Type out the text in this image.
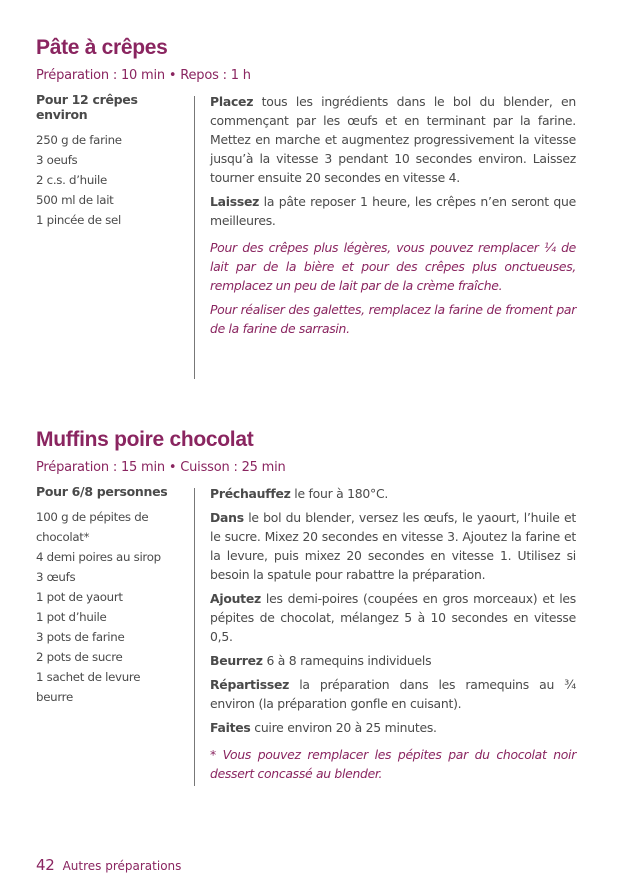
Pâte à crêpes

Préparation : 10 min • Repos : 1 h

Pour 12 crêpes environ

250 g de farine
3 oeufs
2 c.s. d’huile
500 ml de lait
1 pincée de sel

Placez tous les ingrédients dans le bol du blender, en commençant par les œufs et en terminant par la farine. Mettez en marche et augmentez progressivement la vitesse jusqu’à la vitesse 3 pendant 10 secondes environ. Laissez tourner ensuite 20 secondes en vitesse 4.

Laissez la pâte reposer 1 heure, les crêpes n’en seront que meilleures.

Pour des crêpes plus légères, vous pouvez remplacer ¼ de lait par de la bière et pour des crêpes plus onctueuses, remplacez un peu de lait par de la crème fraîche.

Pour réaliser des galettes, remplacez la farine de froment par de la farine de sarrasin.

Muffins poire chocolat

Préparation : 15 min • Cuisson : 25 min

Pour 6/8 personnes

100 g de pépites de
chocolat*
4 demi poires au sirop
3 œufs
1 pot de yaourt
1 pot d’huile
3 pots de farine
2 pots de sucre
1 sachet de levure
beurre

Préchauffez le four à 180°C.

Dans le bol du blender, versez les œufs, le yaourt, l’huile et le sucre. Mixez 20 secondes en vitesse 3. Ajoutez la farine et la levure, puis mixez 20 secondes en vitesse 1. Utilisez si besoin la spatule pour rabattre la préparation.

Ajoutez les demi-poires (coupées en gros morceaux) et les pépites de chocolat, mélangez 5 à 10 secondes en vitesse 0,5.

Beurrez 6 à 8 ramequins individuels

Répartissez la préparation dans les ramequins au ¾ environ (la préparation gonfle en cuisant).

Faites cuire environ 20 à 25 minutes.

* Vous pouvez remplacer les pépites par du chocolat noir dessert concassé au blender.

42 Autres préparations
